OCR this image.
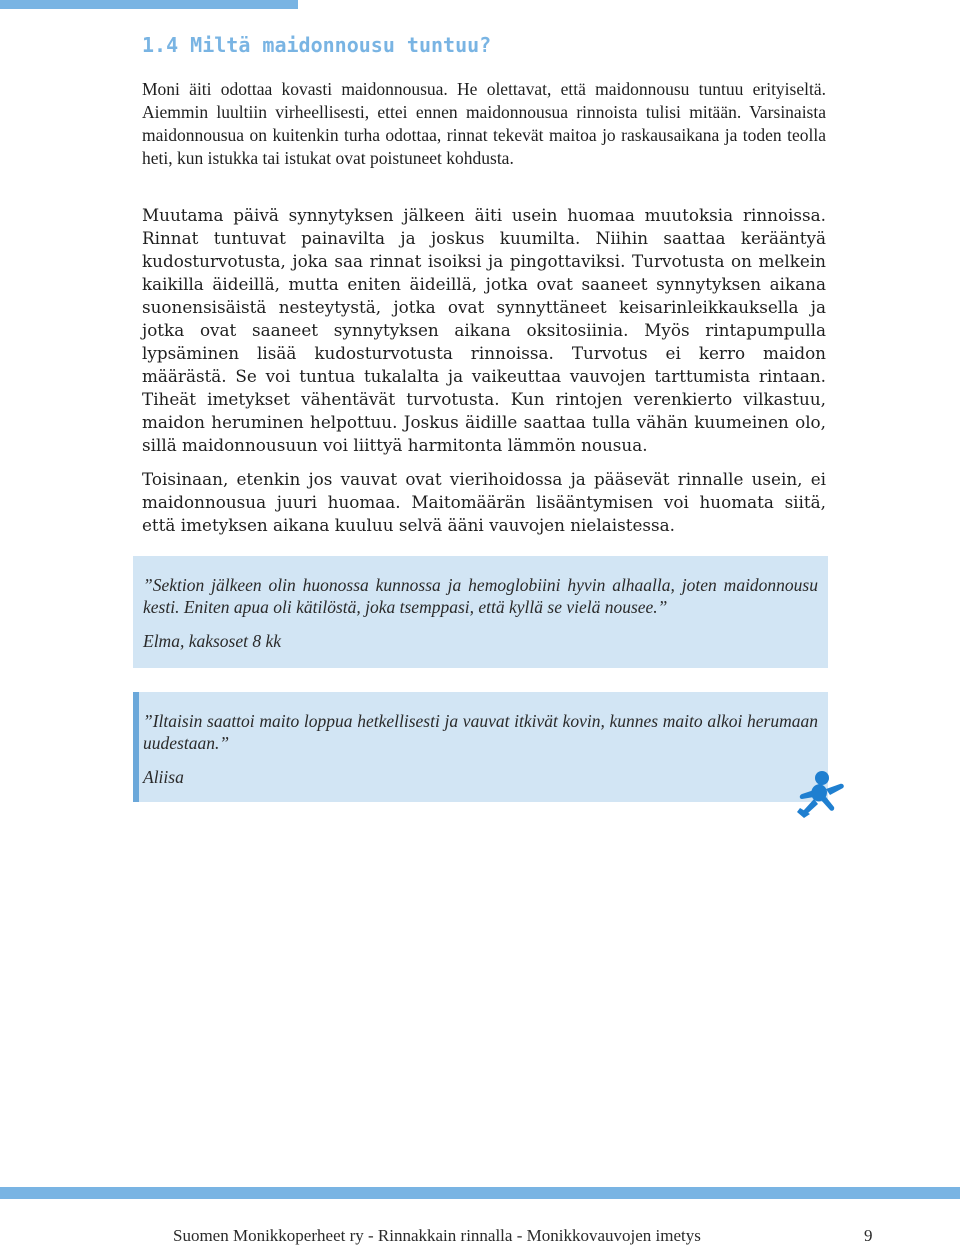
1.4 Miltä maidonnousu tuntuu?

Moni äiti odottaa kovasti maidonnousua. He olettavat, että maidonnousu tuntuu erityiseltä. Aiemmin luultiin virheellisesti, ettei ennen maidonnousua rinnoista tulisi mitään. Varsinaista maidonnousua on kuitenkin turha odottaa, rinnat tekevät maitoa jo raskausaikana ja toden teolla heti, kun istukka tai istukat ovat poistuneet kohdusta.

Muutama päivä synnytyksen jälkeen äiti usein huomaa muutoksia rinnoissa. Rinnat tuntuvat painavilta ja joskus kuumilta. Niihin saattaa kerääntyä kudosturvotusta, joka saa rinnat isoiksi ja pingottaviksi. Turvotusta on melkein kaikilla äideillä, mutta eniten äideillä, jotka ovat saaneet synnytyksen aikana suonensisäistä nesteytystä, jotka ovat synnyttäneet keisarinleikkauksella ja jotka ovat saaneet synnytyksen aikana oksitosiinia. Myös rintapumpulla lypsäminen lisää kudosturvotusta rinnoissa. Turvotus ei kerro maidon määrästä. Se voi tuntua tukalalta ja vaikeuttaa vauvojen tarttumista rintaan. Tiheät imetykset vähentävät turvotusta. Kun rintojen verenkierto vilkastuu, maidon heruminen helpottuu. Joskus äidille saattaa tulla vähän kuumeinen olo, sillä maidonnousuun voi liittyä harmitonta lämmön nousua.

Toisinaan, etenkin jos vauvat ovat vierihoidossa ja pääsevät rinnalle usein, ei maidonnousua juuri huomaa. Maitomäärän lisääntymisen voi huomata siitä, että imetyksen aikana kuuluu selvä ääni vauvojen nielaistessa.

”Sektion jälkeen olin huonossa kunnossa ja hemoglobiini hyvin alhaalla, joten maidonnousu kesti. Eniten apua oli kätilöstä, joka tsemppasi, että kyllä se vielä nousee.”

Elma, kaksoset 8 kk

”Iltaisin saattoi maito loppua hetkellisesti ja vauvat itkivät kovin, kunnes maito alkoi herumaan uudestaan.”

Aliisa

Suomen Monikkoperheet ry - Rinnakkain rinnalla - Monikkovauvojen imetys	9
